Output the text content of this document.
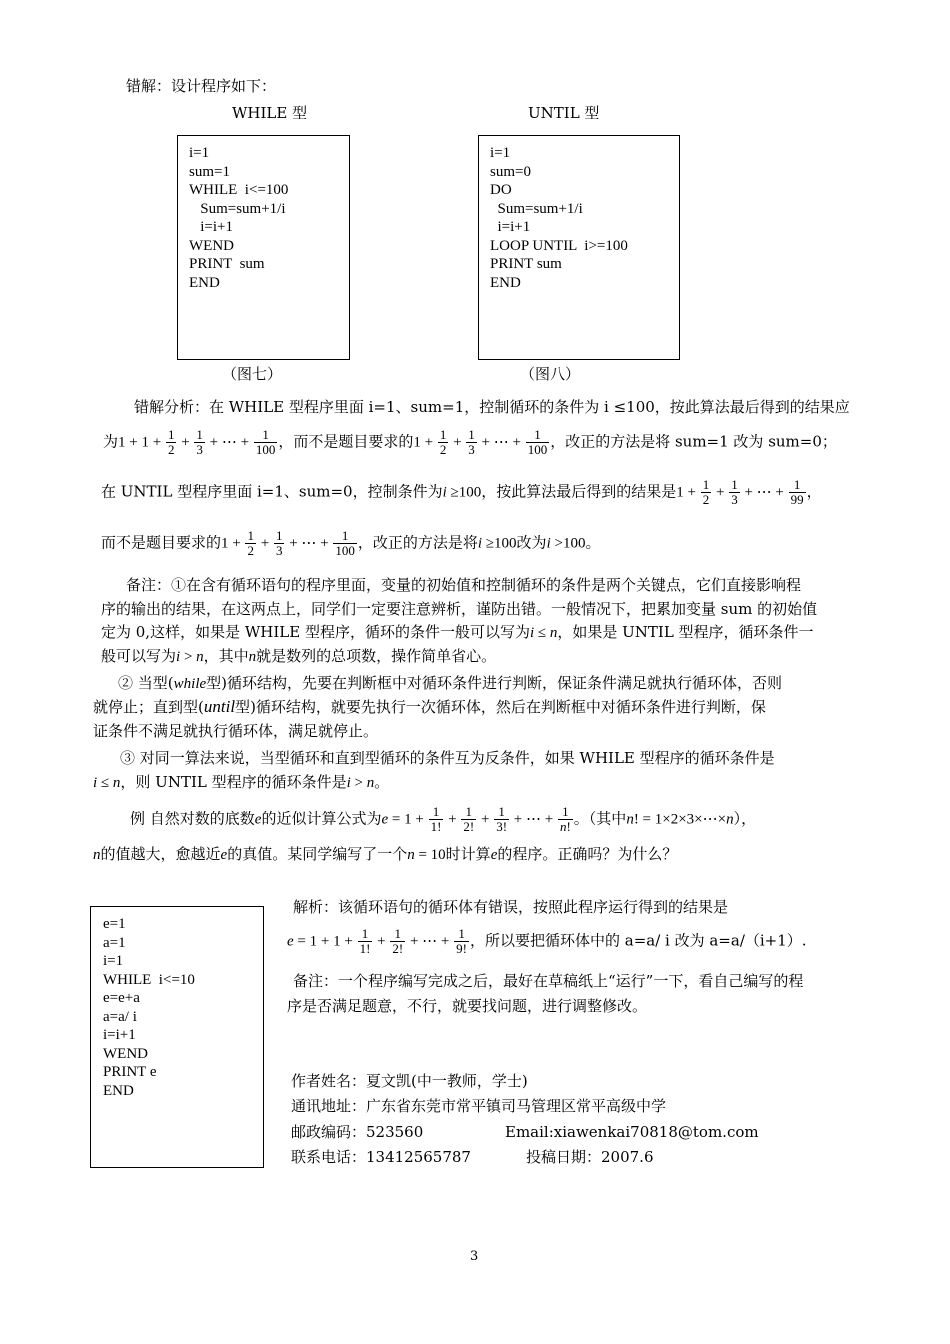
错解：设计程序如下：
WHILE 型	UNTIL 型
i=1
sum=1
WHILE  i<=100
Sum=sum+1/i
i=i+1
WEND
PRINT  sum
END
i=1
sum=0
DO
Sum=sum+1/i
i=i+1
LOOP UNTIL  i>=100
PRINT sum
END
（图七）	（图八）
错解分析：在 WHILE 型程序里面 i=1、sum=1，控制循环的条件为 i ≤100，按此算法最后得到的结果应
为$1 + 1 + \frac{1}{2} + \frac{1}{3}$ + ⋯ + $\frac{1}{100}$ ，而不是题目要求的$1 + \frac{1}{2} + \frac{1}{3}$ + ⋯ + $\frac{1}{100}$ ，改正的方法是将 sum=1 改为 sum=0；
在 UNTIL 型程序里面 i=1、sum=0，控制条件为i ≥100，按此算法最后得到的结果是$1 + \frac{1}{2} + \frac{1}{3}$ + ⋯ + $\frac{1}{99}$ ，
而不是题目要求的$1 + \frac{1}{2} + \frac{1}{3}$ + ⋯ + $\frac{1}{100}$ ，改正的方法是将i ≥100改为i >100。
备注：①在含有循环语句的程序里面，变量的初始值和控制循环的条件是两个关键点，它们直接影响程
序的输出的结果，在这两点上，同学们一定要注意辨析，谨防出错。一般情况下，把累加变量 sum 的初始值
定为 0,这样，如果是 WHILE 型程序，循环的条件一般可以写为i ≤ n，如果是 UNTIL 型程序，循环条件一
般可以写为i > n，其中n就是数列的总项数，操作简单省心。
② 当型(while型)循环结构，先要在判断框中对循环条件进行判断，保证条件满足就执行循环体，否则
就停止；直到型(until型)循环结构，就要先执行一次循环体，然后在判断框中对循环条件进行判断，保
证条件不满足就执行循环体，满足就停止。
③ 对同一算法来说，当型循环和直到型循环的条件互为反条件，如果 WHILE 型程序的循环条件是
i ≤ n，则 UNTIL 型程序的循环条件是i > n。
例 自然对数的底数e的近似计算公式为$e = 1 + \frac{1}{1!} + \frac{1}{2!} + \frac{1}{3!}$ + ⋯ + $\frac{1}{n!}$ 。（其中n! = 1×2×3×⋯×n），
n的值越大，愈越近e的真值。某同学编写了一个n = 10时计算e的程序。正确吗？为什么？
e=1
a=1
i=1
WHILE  i<=10
e=e+a
a=a/ i
i=i+1
WEND
PRINT e
END
解析：该循环语句的循环体有错误，按照此程序运行得到的结果是
$e = 1 + 1 + \frac{1}{1!} + \frac{1}{2!}$ + ⋯ + $\frac{1}{9!}$ ，所以要把循环体中的 a=a/ i 改为 a=a/（i+1）.
备注：一个程序编写完成之后，最好在草稿纸上“运行”一下，看自己编写的程
序是否满足题意，不行，就要找问题，进行调整修改。
作者姓名：夏文凯(中一教师，学士)
通讯地址：广东省东莞市常平镇司马管理区常平高级中学
邮政编码：523560	Email:xiawenkai70818@tom.com
联系电话：13412565787	投稿日期：2007.6
3
